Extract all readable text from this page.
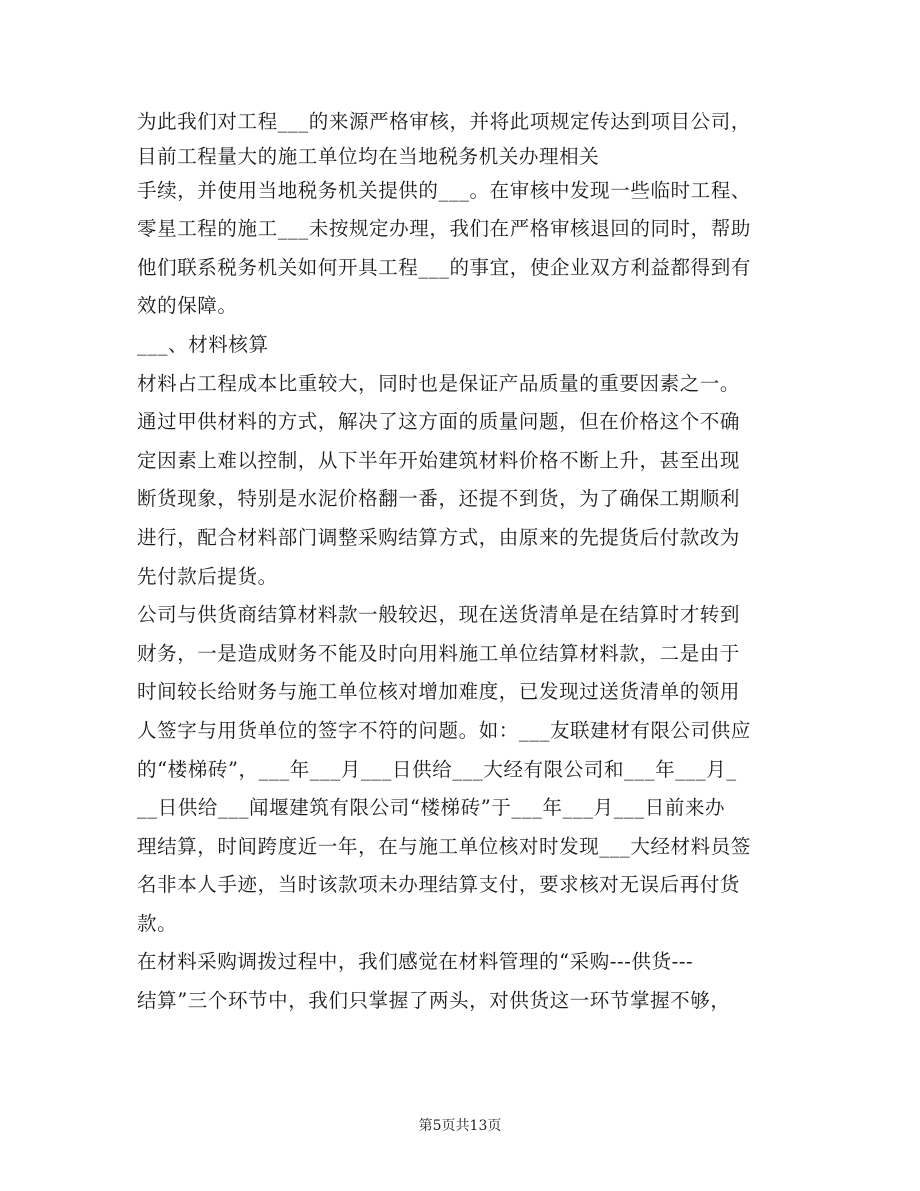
为此我们对工程___的来源严格审核，并将此项规定传达到项目公司，
目前工程量大的施工单位均在当地税务机关办理相关
手续，并使用当地税务机关提供的___。在审核中发现一些临时工程、
零星工程的施工___未按规定办理，我们在严格审核退回的同时，帮助
他们联系税务机关如何开具工程___的事宜，使企业双方利益都得到有
效的保障。
___、材料核算
材料占工程成本比重较大，同时也是保证产品质量的重要因素之一。
通过甲供材料的方式，解决了这方面的质量问题，但在价格这个不确
定因素上难以控制，从下半年开始建筑材料价格不断上升，甚至出现
断货现象，特别是水泥价格翻一番，还提不到货，为了确保工期顺利
进行，配合材料部门调整采购结算方式，由原来的先提货后付款改为
先付款后提货。
公司与供货商结算材料款一般较迟，现在送货清单是在结算时才转到
财务，一是造成财务不能及时向用料施工单位结算材料款，二是由于
时间较长给财务与施工单位核对增加难度，已发现过送货清单的领用
人签字与用货单位的签字不符的问题。如：___友联建材有限公司供应
的“楼梯砖”，___年___月___日供给___大经有限公司和___年___月_
__日供给___闻堰建筑有限公司“楼梯砖”于___年___月___日前来办
理结算，时间跨度近一年，在与施工单位核对时发现___大经材料员签
名非本人手迹，当时该款项未办理结算支付，要求核对无误后再付货
款。
在材料采购调拨过程中，我们感觉在材料管理的“采购---供货---
结算”三个环节中，我们只掌握了两头，对供货这一环节掌握不够，
第5页共13页
